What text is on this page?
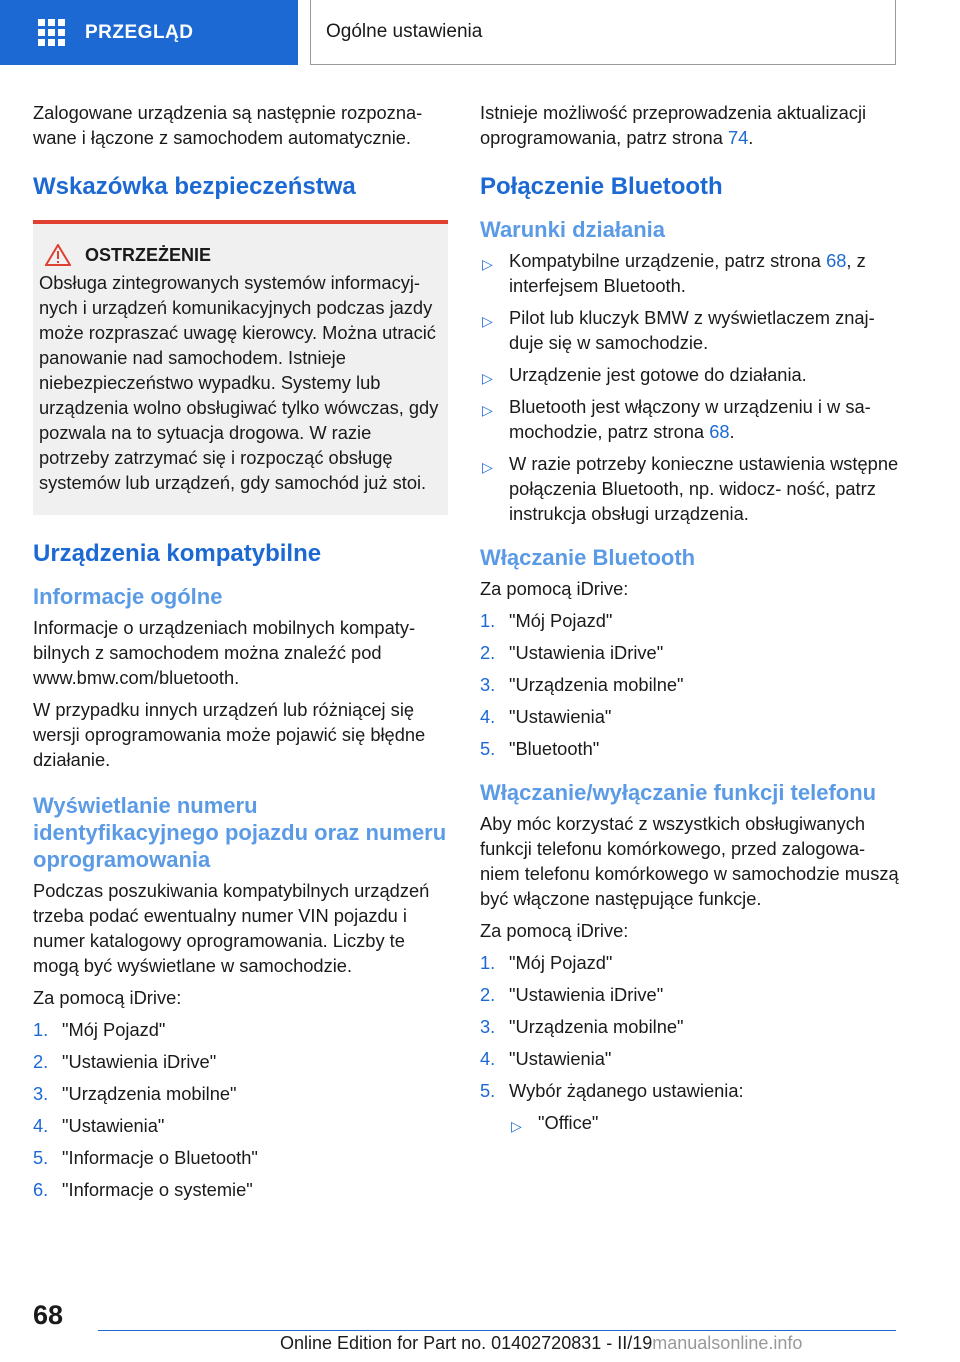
PRZEGLĄD	Ogólne ustawienia

Zalogowane urządzenia są następnie rozpozna- wane i łączone z samochodem automatycznie.

Wskazówka bezpieczeństwa
OSTRZEŻENIE
Obsługa zintegrowanych systemów informacyj- nych i urządzeń komunikacyjnych podczas jazdy może rozpraszać uwagę kierowcy. Można utracić panowanie nad samochodem. Istnieje niebezpieczeństwo wypadku. Systemy lub urządzenia wolno obsługiwać tylko wówczas, gdy pozwala na to sytuacja drogowa. W razie potrzeby zatrzymać się i rozpocząć obsługę systemów lub urządzeń, gdy samochód już stoi.
Urządzenia kompatybilne
Informacje ogólne

Informacje o urządzeniach mobilnych kompaty- bilnych z samochodem można znaleźć pod www.bmw.com/bluetooth.

W przypadku innych urządzeń lub różniącej się wersji oprogramowania może pojawić się błędne działanie.

Wyświetlanie numeru identyfikacyjnego pojazdu oraz numeru oprogramowania

Podczas poszukiwania kompatybilnych urządzeń trzeba podać ewentualny numer VIN pojazdu i numer katalogowy oprogramowania. Liczby te mogą być wyświetlane w samochodzie.

Za pomocą iDrive:

1. "Mój Pojazd"
2. "Ustawienia iDrive"
3. "Urządzenia mobilne"
4. "Ustawienia"
5. "Informacje o Bluetooth"
6. "Informacje o systemie"

Istnieje możliwość przeprowadzenia aktualizacji oprogramowania, patrz strona 74.

Połączenie Bluetooth
Warunki działania
▷ Kompatybilne urządzenie, patrz strona 68, z interfejsem Bluetooth.
▷ Pilot lub kluczyk BMW z wyświetlaczem znaj- duje się w samochodzie.
▷ Urządzenie jest gotowe do działania.
▷ Bluetooth jest włączony w urządzeniu i w sa- mochodzie, patrz strona 68.
▷ W razie potrzeby konieczne ustawienia wstępne połączenia Bluetooth, np. widocz- ność, patrz instrukcja obsługi urządzenia.
Włączanie Bluetooth

Za pomocą iDrive:

1. "Mój Pojazd"
2. "Ustawienia iDrive"
3. "Urządzenia mobilne"
4. "Ustawienia"
5. "Bluetooth"
Włączanie/wyłączanie funkcji telefonu

Aby móc korzystać z wszystkich obsługiwanych funkcji telefonu komórkowego, przed zalogowa- niem telefonu komórkowego w samochodzie muszą być włączone następujące funkcje.

Za pomocą iDrive:

1. "Mój Pojazd"
2. "Ustawienia iDrive"
3. "Urządzenia mobilne"
4. "Ustawienia"
5. Wybór żądanego ustawienia:
▷ "Office"
68
Online Edition for Part no. 01402720831 - II/19manualsonline.info
